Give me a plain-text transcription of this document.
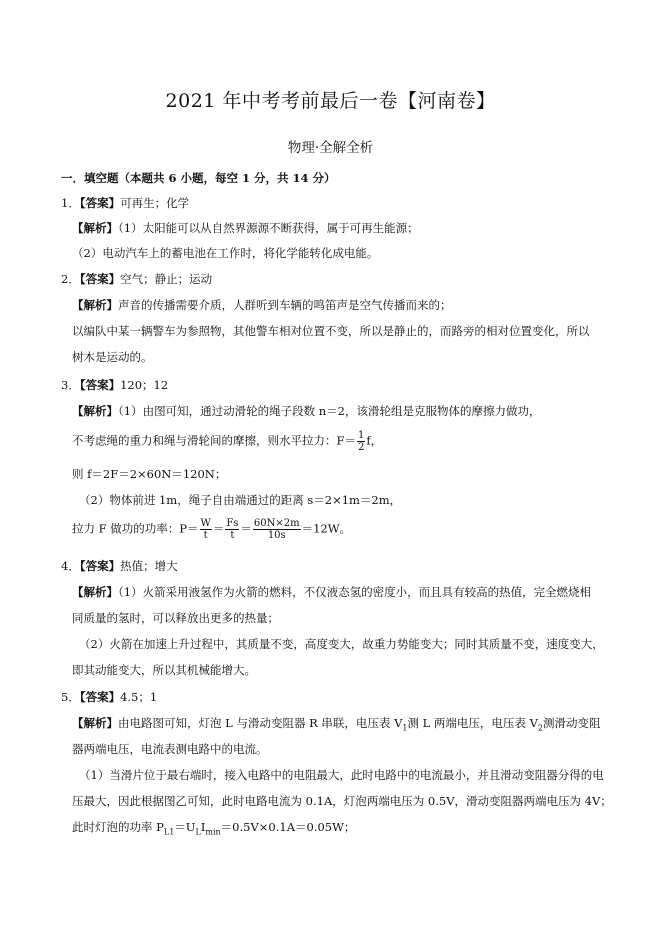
2021 年中考考前最后一卷【河南卷】
物理·全解全析
一．填空题（本题共 6 小题，每空 1 分，共 14 分）
1．【答案】可再生；化学
【解析】（1）太阳能可以从自然界源源不断获得，属于可再生能源；
（2）电动汽车上的蓄电池在工作时，将化学能转化成电能。
2．【答案】空气；静止；运动
【解析】声音的传播需要介质，人群听到车辆的鸣笛声是空气传播而来的；
以编队中某一辆警车为参照物，其他警车相对位置不变，所以是静止的，而路旁的相对位置变化，所以
树木是运动的。
3．【答案】120；12
【解析】（1）由图可知，通过动滑轮的绳子段数 n＝2，该滑轮组是克服物体的摩擦力做功，
不考虑绳的重力和绳与滑轮间的摩擦，则水平拉力：$F= \frac{1}{2}$ f，
则 f＝2F＝2×60N＝120N；
（2）物体前进 1m，绳子自由端通过的距离 s＝2×1m＝2m，
拉力 F 做功的功率：$P= \frac{W}{t} = \frac{Fs}{t} = \frac{60N\times 2m}{10s} =12W$。
4．【答案】热值；增大
【解析】（1）火箭采用液氢作为火箭的燃料，不仅液态氢的密度小，而且具有较高的热值，完全燃烧相
同质量的氢时，可以释放出更多的热量；
（2）火箭在加速上升过程中，其质量不变，高度变大，故重力势能变大；同时其质量不变，速度变大，
即其动能变大，所以其机械能增大。
5．【答案】4.5；1
【解析】由电路图可知，灯泡 L 与滑动变阻器 R 串联，电压表 $V_1$测 L 两端电压，电压表 $V_2$测滑动变阻
器两端电压，电流表测电路中的电流。
（1）当滑片位于最右端时，接入电路中的电阻最大，此时电路中的电流最小，并且滑动变阻器分得的电
压最大，因此根据图乙可知，此时电路电流为 0.1A，灯泡两端电压为 0.5V，滑动变阻器两端电压为 4V；
此时灯泡的功率 $P_{L1}=U_LI_{min}=0.5V\times 0.1A=0.05W$；
